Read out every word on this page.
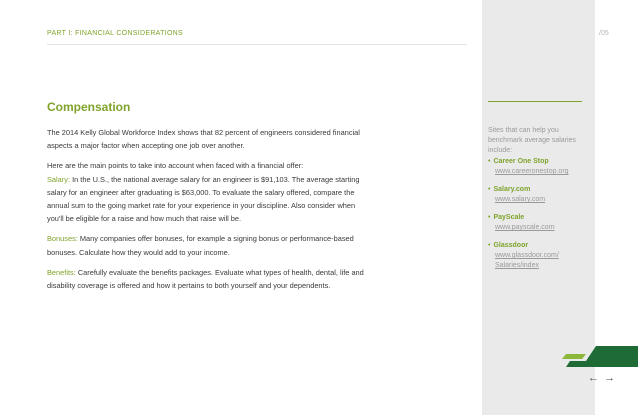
PART I: FINANCIAL CONSIDERATIONS
Compensation

The 2014 Kelly Global Workforce Index shows that 82 percent of engineers considered financial aspects a major factor when accepting one job over another.

Here are the main points to take into account when faced with a financial offer:

Salary: In the U.S., the national average salary for an engineer is $91,103. The average starting salary for an engineer after graduating is $63,000. To evaluate the salary offered, compare the annual sum to the going market rate for your experience in your discipline. Also consider when you'll be eligible for a raise and how much that raise will be.

Bonuses: Many companies offer bonuses, for example a signing bonus or performance-based bonuses. Calculate how they would add to your income.

Benefits: Carefully evaluate the benefits packages. Evaluate what types of health, dental, life and disability coverage is offered and how it pertains to both yourself and your dependents.

Sites that can help you benchmark average salaries include:
• Career One Stop
www.careeronestop.org
• Salary.com
www.salary.com
• PayScale
www.payscale.com
• Glassdoor
www.glassdoor.com/ Salaries/index
/05
← →
